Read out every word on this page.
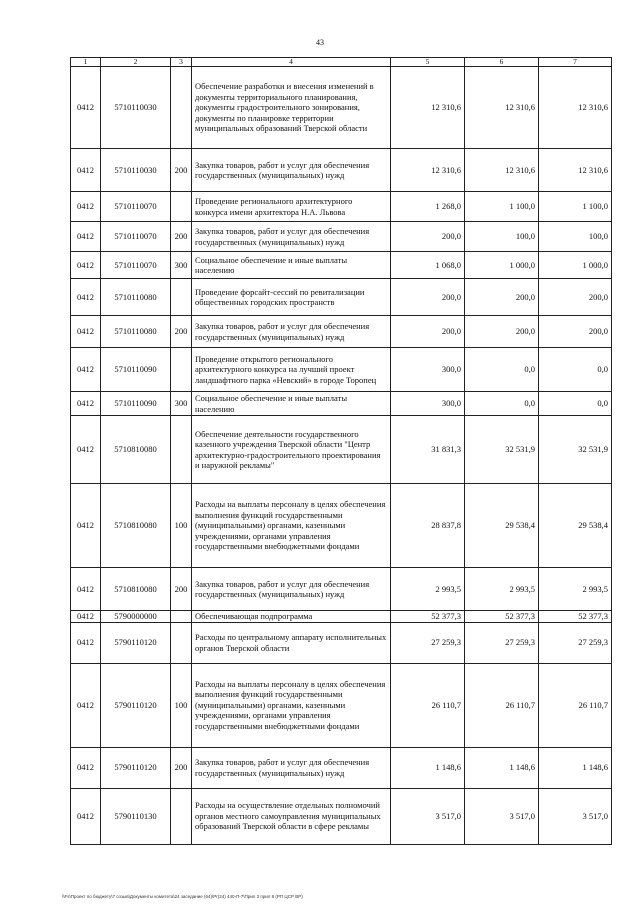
43
1	2	3	4	5	6	7
0412	5710110030		Обеспечение разработки и внесения изменений в документы территориального планирования, документы градостроительного зонирования, документы по планировке территории муниципальных образований Тверской области	12 310,6	12 310,6	12 310,6
0412	5710110030	200	Закупка товаров, работ и услуг для обеспечения государственных (муниципальных) нужд	12 310,6	12 310,6	12 310,6
0412	5710110070		Проведение регионального архитектурного конкурса имени архитектора Н.А. Львова	1 268,0	1 100,0	1 100,0
0412	5710110070	200	Закупка товаров, работ и услуг для обеспечения государственных (муниципальных) нужд	200,0	100,0	100,0
0412	5710110070	300	Социальное обеспечение и иные выплаты населению	1 068,0	1 000,0	1 000,0
0412	5710110080		Проведение форсайт-сессий по ревитализации общественных городских пространств	200,0	200,0	200,0
0412	5710110080	200	Закупка товаров, работ и услуг для обеспечения государственных (муниципальных) нужд	200,0	200,0	200,0
0412	5710110090		Проведение открытого регионального архитектурного конкурса на лучший проект ландшафтного парка «Невский» в городе Торопец	300,0	0,0	0,0
0412	5710110090	300	Социальное обеспечение и иные выплаты населению	300,0	0,0	0,0
0412	5710810080		Обеспечение деятельности государственного казенного учреждения Тверской области "Центр архитектурно-градостроительного проектирования и наружной рекламы"	31 831,3	32 531,9	32 531,9
0412	5710810080	100	Расходы на выплаты персоналу в целях обеспечения выполнения функций государственными (муниципальными) органами, казенными учреждениями, органами управления государственными внебюджетными фондами	28 837,8	29 538,4	29 538,4
0412	5710810080	200	Закупка товаров, работ и услуг для обеспечения государственных (муниципальных) нужд	2 993,5	2 993,5	2 993,5
0412	5790000000		Обеспечивающая подпрограмма	52 377,3	52 377,3	52 377,3
0412	5790110120		Расходы по центральному аппарату исполнительных органов Тверской области	27 259,3	27 259,3	27 259,3
0412	5790110120	100	Расходы на выплаты персоналу в целях обеспечения выполнения функций государственными (муниципальными) органами, казенными учреждениями, органами управления государственными внебюджетными фондами	26 110,7	26 110,7	26 110,7
0412	5790110120	200	Закупка товаров, работ и услуг для обеспечения государственных (муниципальных) нужд	1 148,6	1 148,6	1 148,6
0412	5790110130		Расходы на осуществление отдельных полномочий органов местного самоуправления муниципальных образований Тверской области в сфере рекламы	3 517,0	3 517,0	3 517,0
\\Fs\Проект по бюджету\7 созыв\Документы комитета\24 заседание (64)\Pr(24) 440-П-7\Прил 3 прил 8 (РП ЦСР ВР)
